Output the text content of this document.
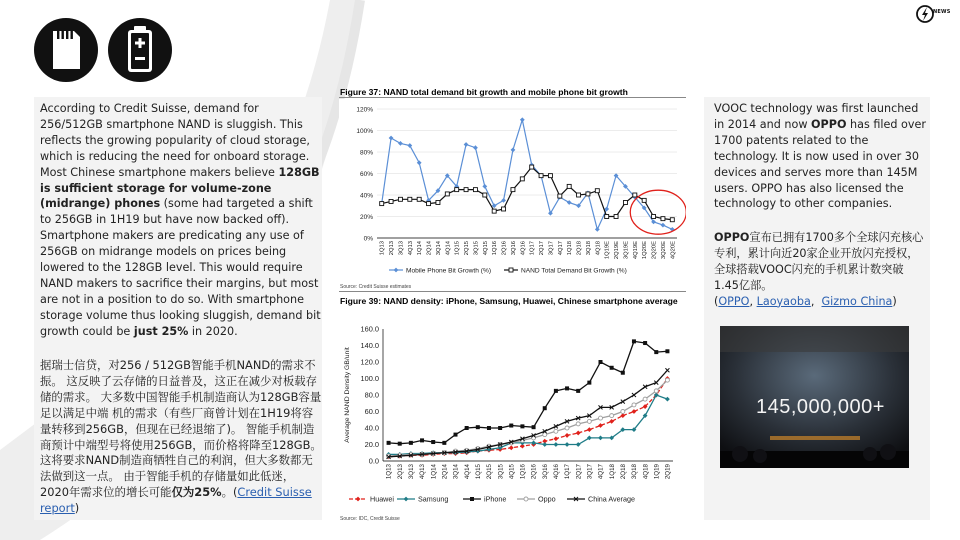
NEWS
According to Credit Suisse, demand for 256/512GB smartphone NAND is sluggish. This reflects the growing popularity of cloud storage, which is reducing the need for onboard storage. Most Chinese smartphone makers believe 128GB is sufficient storage for volume-zone (midrange) phones (some had targeted a shift to 256GB in 1H19 but have now backed off). Smartphone makers are predicating any use of 256GB on midrange models on prices being lowered to the 128GB level. This would require NAND makers to sacrifice their margins, but most are not in a position to do so. With smartphone storage volume thus looking sluggish, demand bit growth could be just 25% in 2020.
据瑞士信贷，对256 / 512GB智能手机NAND的需求不振。 这反映了云存储的日益普及，这正在减少对板载存储的需求。 大多数中国智能手机制造商认为128GB容量足以满足中端 机的需求（有些厂商曾计划在1H19将容量转移到256GB，但现在已经退缩了)。 智能手机制造商预计中端型号将使用256GB，而价格将降至128GB。 这将要求NAND制造商牺牲自己的利润，但大多数都无法做到这一点。 由于智能手机的存储量如此低迷，2020年需求位的增长可能仅为25%。(Credit Suisse report)
VOOC technology was first launched in 2014 and now OPPO has filed over 1700 patents related to the technology. It is now used in over 30 devices and serves more than 145M users. OPPO has also licensed the technology to other companies.
OPPO宣布已拥有1700多个全球闪充核心专利，累计向近20家企业开放闪充授权，全球搭载VOOC闪充的手机累计数突破1.45亿部。
(OPPO, Laoyaoba,  Gizmo China)
145,000,000+
Figure 37: NAND total demand bit growth and mobile phone bit growth
0%
20%
40%
60%
80%
100%
120%
1Q13 2Q13 3Q13 4Q13 1Q14 2Q14 3Q14 4Q14 1Q15 2Q15 3Q15 4Q15 1Q16 2Q16 3Q16 4Q16 1Q17 2Q17 3Q17 4Q17 1Q18 2Q18 3Q18 4Q18 1Q19E 2Q19E 3Q19E 4Q19E 1Q20E 2Q20E 3Q20E 4Q20E
Mobile Phone Bit Growth (%)	NAND Total Demand Bit Growth (%)
Source: Credit Suisse estimates
Figure 39: NAND density: iPhone, Samsung, Huawei, Chinese smartphone average
0.0
20.0
40.0
60.0
80.0
100.0
120.0
140.0
160.0
1Q13 2Q13 3Q13 4Q13 1Q14 2Q14 3Q14 4Q14 1Q15 2Q15 3Q15 4Q15 1Q16 2Q16 3Q16 4Q16 1Q17 2Q17 3Q17 4Q17 1Q18 2Q18 3Q18 4Q18 1Q19 2Q19
Average NAND Density GB/unit
Huawei	Samsung	iPhone	Oppo	China Average
Source: IDC, Credit Suisse
